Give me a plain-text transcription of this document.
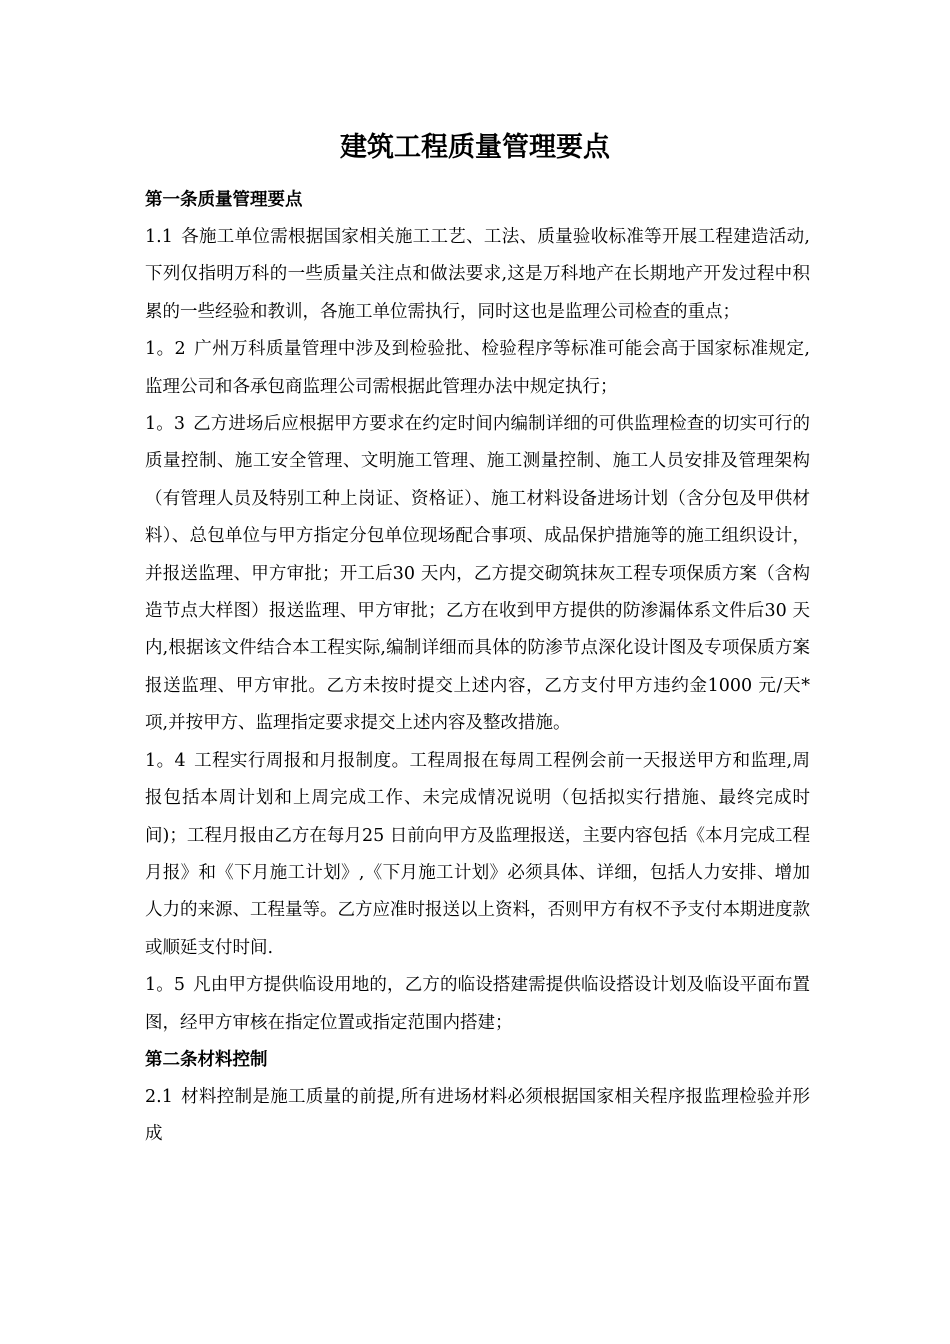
建筑工程质量管理要点
第一条质量管理要点

1.1 各施工单位需根据国家相关施工工艺、工法、质量验收标准等开展工程建造活动,下列仅指明万科的一些质量关注点和做法要求,这是万科地产在长期地产开发过程中积累的一些经验和教训，各施工单位需执行，同时这也是监理公司检查的重点；

1。2 广州万科质量管理中涉及到检验批、检验程序等标准可能会高于国家标准规定,监理公司和各承包商监理公司需根据此管理办法中规定执行；

1。3 乙方进场后应根据甲方要求在约定时间内编制详细的可供监理检查的切实可行的质量控制、施工安全管理、文明施工管理、施工测量控制、施工人员安排及管理架构（有管理人员及特别工种上岗证、资格证）、施工材料设备进场计划（含分包及甲供材料）、总包单位与甲方指定分包单位现场配合事项、成品保护措施等的施工组织设计，并报送监理、甲方审批；开工后30 天内，乙方提交砌筑抹灰工程专项保质方案（含构造节点大样图）报送监理、甲方审批；乙方在收到甲方提供的防渗漏体系文件后30 天内,根据该文件结合本工程实际,编制详细而具体的防渗节点深化设计图及专项保质方案报送监理、甲方审批。乙方未按时提交上述内容，乙方支付甲方违约金1000 元/天*项,并按甲方、监理指定要求提交上述内容及整改措施。

1。4 工程实行周报和月报制度。工程周报在每周工程例会前一天报送甲方和监理,周报包括本周计划和上周完成工作、未完成情况说明（包括拟实行措施、最终完成时间)；工程月报由乙方在每月25 日前向甲方及监理报送，主要内容包括《本月完成工程月报》和《下月施工计划》,《下月施工计划》必须具体、详细，包括人力安排、增加人力的来源、工程量等。乙方应准时报送以上资料，否则甲方有权不予支付本期进度款或顺延支付时间.

1。5 凡由甲方提供临设用地的，乙方的临设搭建需提供临设搭设计划及临设平面布置图，经甲方审核在指定位置或指定范围内搭建；

第二条材料控制

2.1 材料控制是施工质量的前提,所有进场材料必须根据国家相关程序报监理检验并形成
